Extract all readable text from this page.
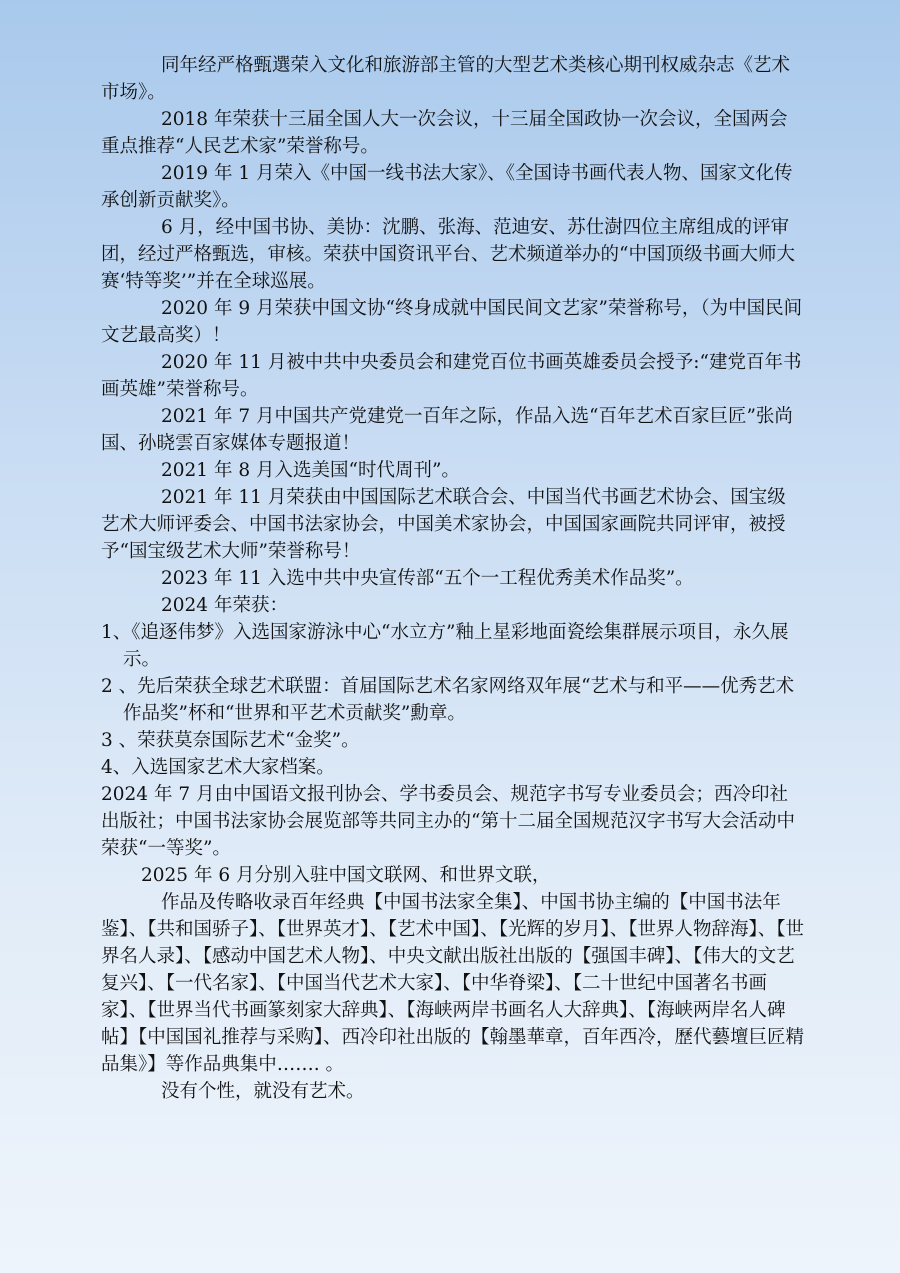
同年经严格甄選荣入文化和旅游部主管的大型艺术类核心期刊权威杂志《艺术市场》。

2018 年荣获十三届全国人大一次会议，十三届全国政协一次会议，全国两会重点推荐“人民艺术家”荣誉称号。

2019 年 1 月荣入《中国一线书法大家》、《全国诗书画代表人物、国家文化传承创新贡献奖》。

6 月，经中国书协、美协：沈鹏、张海、范迪安、苏仕澍四位主席组成的评审团，经过严格甄选，审核。荣获中国资讯平台、艺术频道举办的“中国顶级书画大师大赛‘特等奖’”并在全球巡展。

2020 年 9 月荣获中国文协“终身成就中国民间文艺家”荣誉称号，（为中国民间文艺最高奖）！

2020 年 11 月被中共中央委员会和建党百位书画英雄委员会授予:“建党百年书画英雄”荣誉称号。

2021 年 7 月中国共产党建党一百年之际，作品入选“百年艺术百家巨匠”张尚国、孙晓雲百家媒体专题报道！

2021 年 8 月入选美国“时代周刊”。

2021 年 11 月荣获由中国国际艺术联合会、中国当代书画艺术协会、国宝级艺术大师评委会、中国书法家协会，中国美术家协会，中国国家画院共同评审，被授予“国宝级艺术大师”荣誉称号！

2023 年 11 入选中共中央宣传部“五个一工程优秀美术作品奖”。

2024 年荣获：

1、《追逐伟梦》入选国家游泳中心“水立方”釉上星彩地面瓷绘集群展示项目，永久展示。

2 、先后荣获全球艺术联盟：首届国际艺术名家网络双年展“艺术与和平——优秀艺术作品奖”杯和“世界和平艺术贡献奖”勳章。

3 、荣获莫奈国际艺术“金奖”。

4、入选国家艺术大家档案。

2024 年 7 月由中国语文报刊协会、学书委员会、规范字书写专业委员会；西冷印社出版社；中国书法家协会展览部等共同主办的“第十二届全国规范汉字书写大会活动中荣获“一等奖”。

2025 年 6 月分别入驻中国文联网、和世界文联，

作品及传略收录百年经典【中国书法家全集】、中国书协主编的【中国书法年鉴】、【共和国骄子】、【世界英才】、【艺术中国】、【光辉的岁月】、【世界人物辞海】、【世界名人录】、【感动中国艺术人物】、中央文献出版社出版的【强国丰碑】、【伟大的文艺复兴】、【一代名家】、【中国当代艺术大家】、【中华脊梁】、【二十世纪中国著名书画家】、【世界当代书画篆刻家大辞典】、【海峡两岸书画名人大辞典】、【海峡两岸名人碑帖】【中国国礼推荐与采购】、西冷印社出版的【翰墨華章，百年西冷，歷代藝壇巨匠精品集》】等作品典集中……. 。

没有个性，就没有艺术。
